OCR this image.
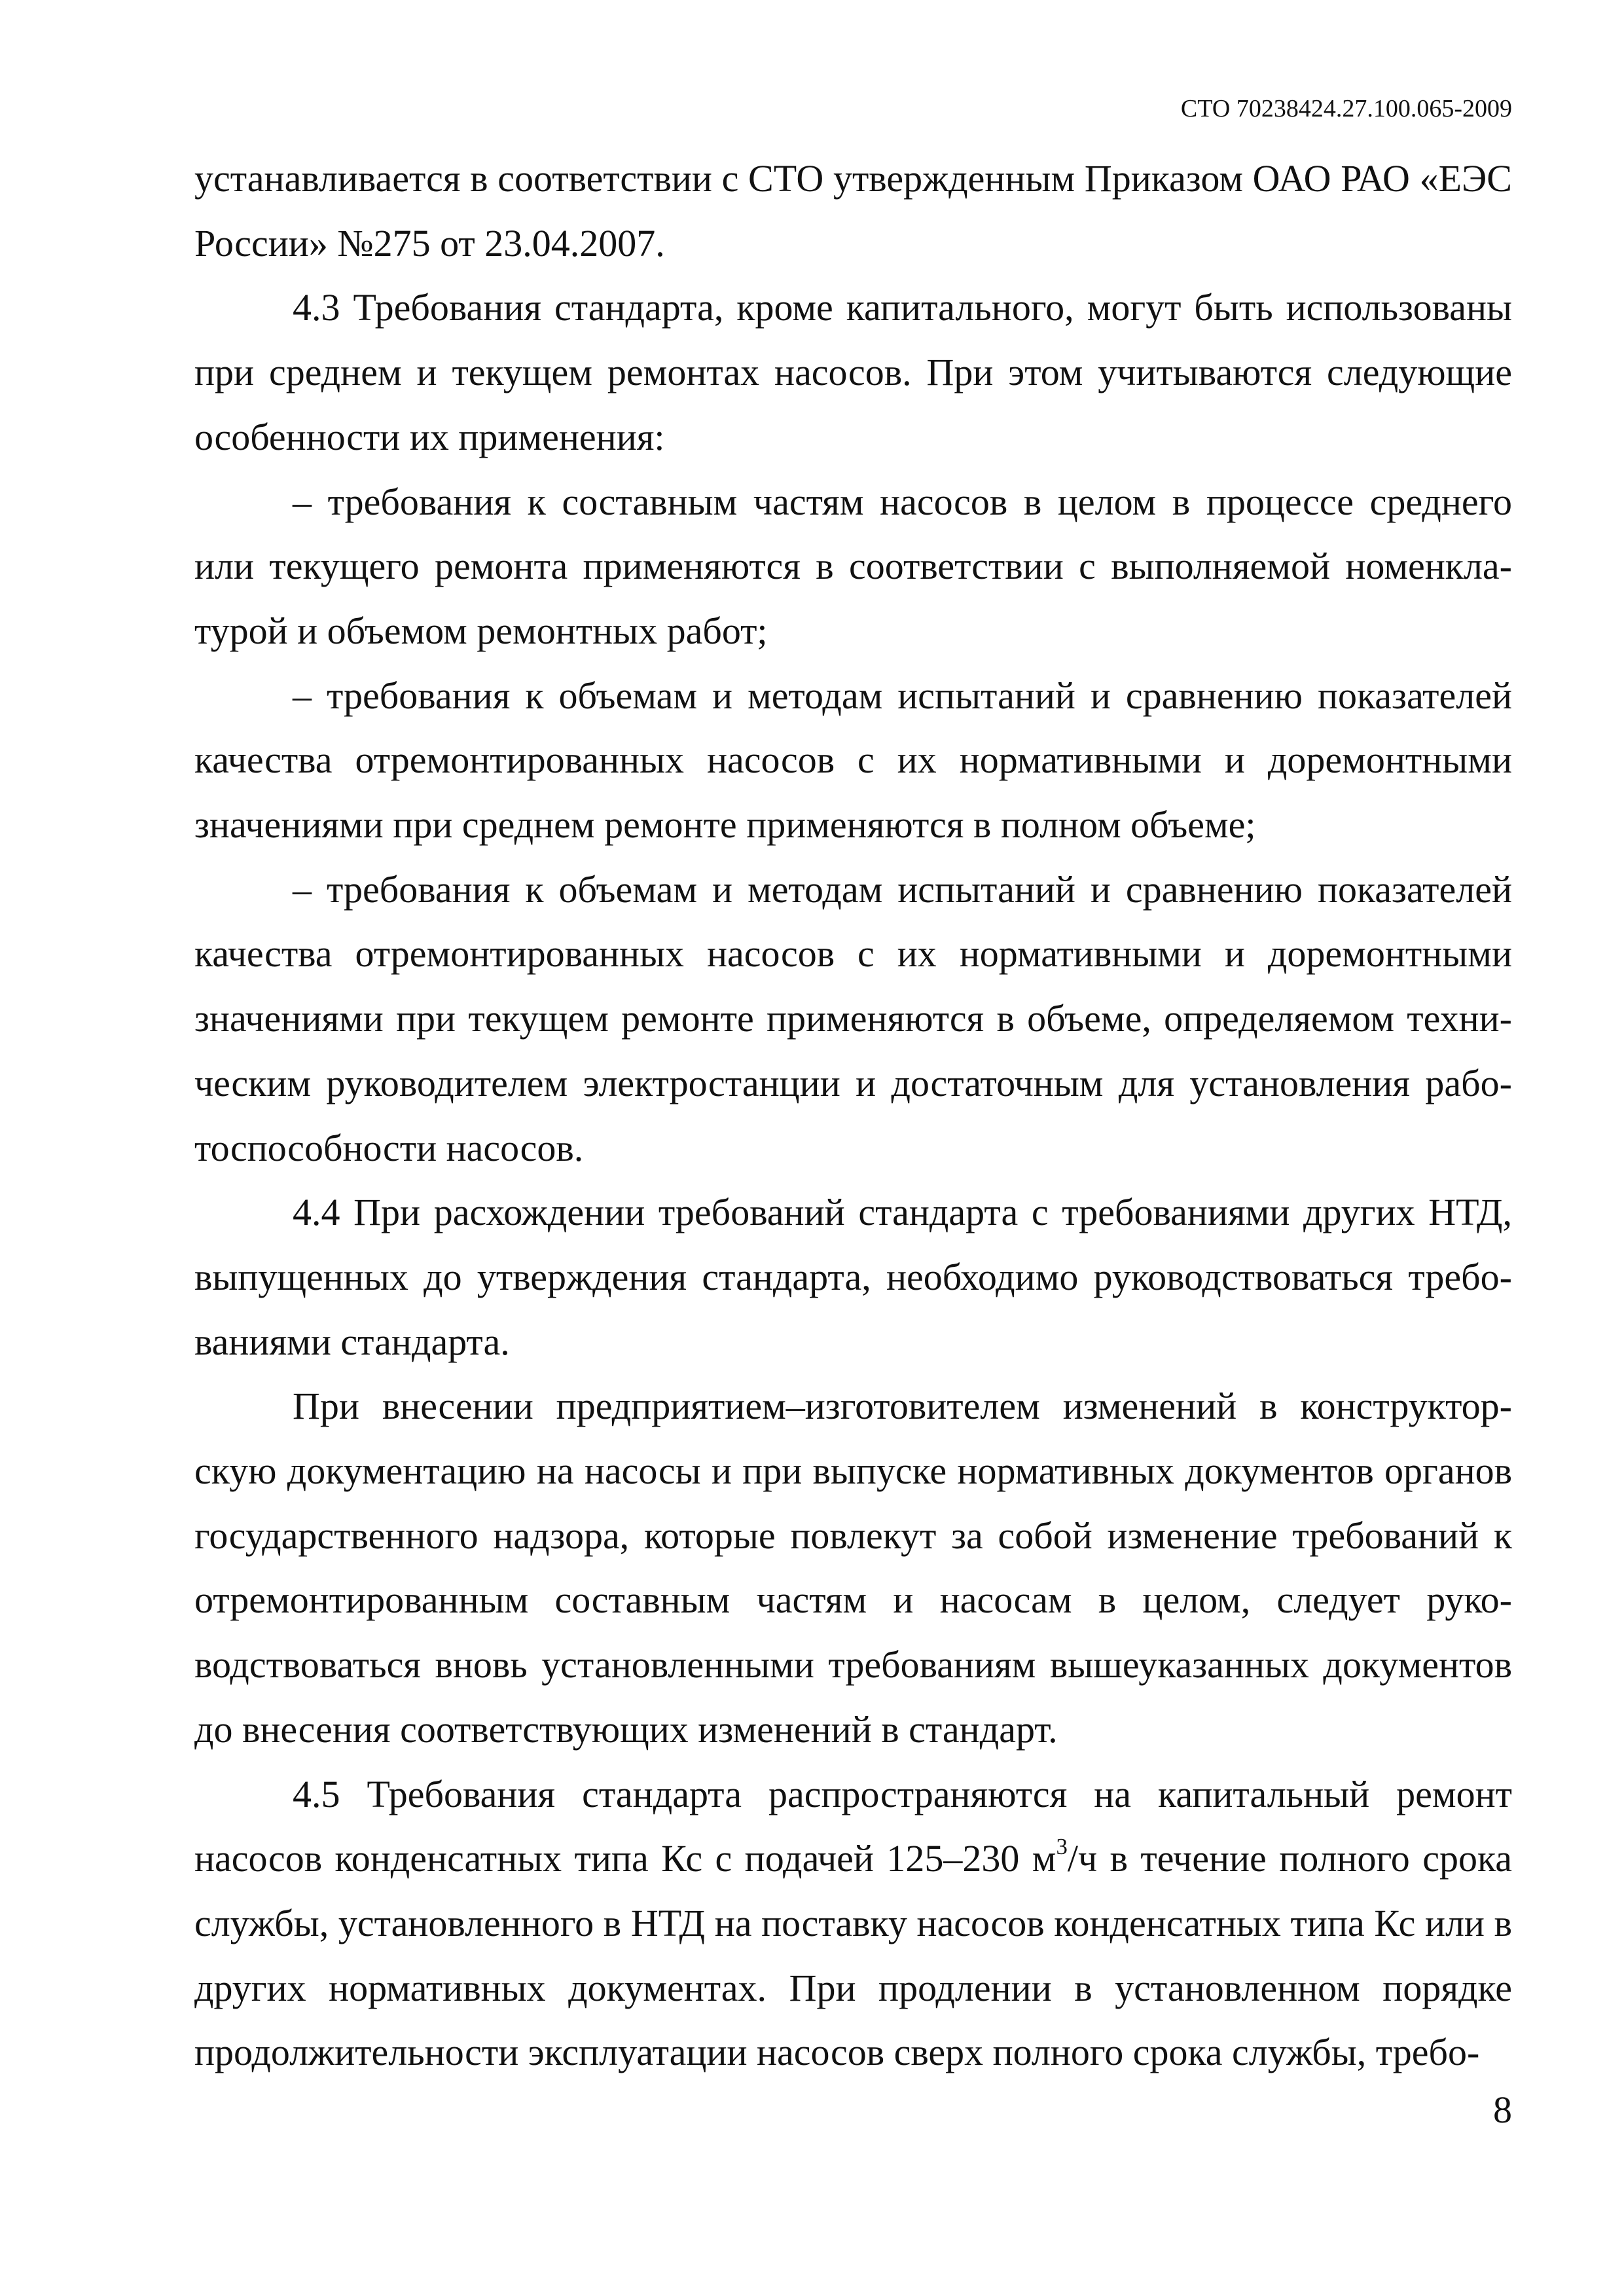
СТО 70238424.27.100.065-2009

устанавливается в соответствии с СТО утвержденным Приказом ОАО РАО «ЕЭС России» №275 от 23.04.2007.

4.3 Требования стандарта, кроме капитального, могут быть использованы при среднем и текущем ремонтах насосов. При этом учитываются следующие особенности их применения:

– требования к составным частям насосов в целом в процессе среднего или текущего ремонта применяются в соответствии с выполняемой номенклатурой и объемом ремонтных работ;

– требования к объемам и методам испытаний и сравнению показателей качества отремонтированных насосов с их нормативными и доремонтными значениями при среднем ремонте применяются в полном объеме;

– требования к объемам и методам испытаний и сравнению показателей качества отремонтированных насосов с их нормативными и доремонтными значениями при текущем ремонте применяются в объеме, определяемом техническим руководителем электростанции и достаточным для установления работоспособности насосов.

4.4 При расхождении требований стандарта с требованиями других НТД, выпущенных до утверждения стандарта, необходимо руководствоваться требованиями стандарта.

При внесении предприятием–изготовителем изменений в конструкторскую документацию на насосы и при выпуске нормативных документов органов государственного надзора, которые повлекут за собой изменение требований к отремонтированным составным частям и насосам в целом, следует руководствоваться вновь установленными требованиям вышеуказанных документов до внесения соответствующих изменений в стандарт.

4.5 Требования стандарта распространяются на капитальный ремонт насосов конденсатных типа Кс с подачей 125–230 $м^3/ч$ в течение полного срока службы, установленного в НТД на поставку насосов конденсатных типа Кс или в других нормативных документах. При продлении в установленном порядке продолжительности эксплуатации насосов сверх полного срока службы, требо-

8
